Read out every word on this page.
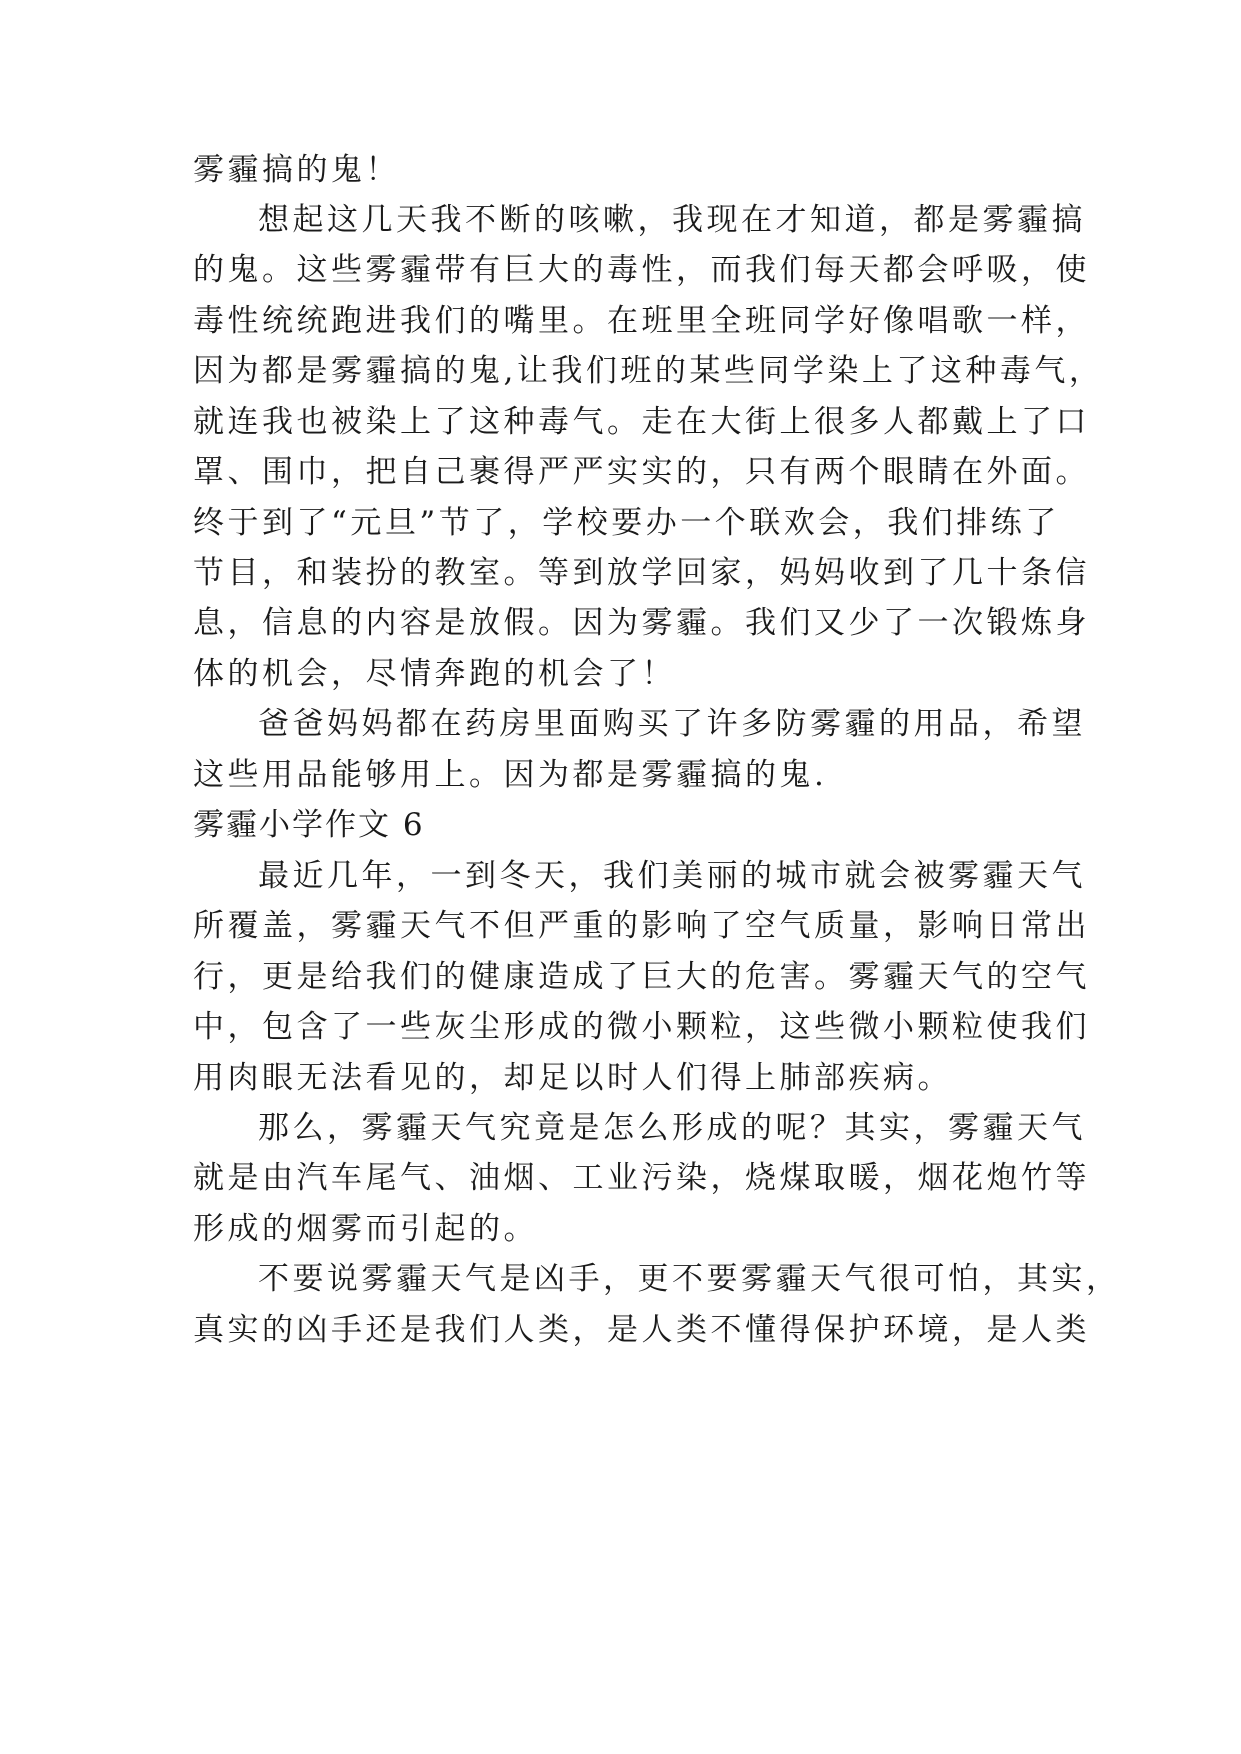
雾霾搞的鬼！
想起这几天我不断的咳嗽，我现在才知道，都是雾霾搞
的鬼。这些雾霾带有巨大的毒性，而我们每天都会呼吸，使
毒性统统跑进我们的嘴里。在班里全班同学好像唱歌一样，
因为都是雾霾搞的鬼,让我们班的某些同学染上了这种毒气，
就连我也被染上了这种毒气。走在大街上很多人都戴上了口
罩、围巾，把自己裹得严严实实的，只有两个眼睛在外面。
终于到了“元旦”节了，学校要办一个联欢会，我们排练了
节目，和装扮的教室。等到放学回家，妈妈收到了几十条信
息，信息的内容是放假。因为雾霾。我们又少了一次锻炼身
体的机会，尽情奔跑的机会了！
爸爸妈妈都在药房里面购买了许多防雾霾的用品，希望
这些用品能够用上。因为都是雾霾搞的鬼.
雾霾小学作文 6
最近几年，一到冬天，我们美丽的城市就会被雾霾天气
所覆盖，雾霾天气不但严重的影响了空气质量，影响日常出
行，更是给我们的健康造成了巨大的危害。雾霾天气的空气
中，包含了一些灰尘形成的微小颗粒，这些微小颗粒使我们
用肉眼无法看见的，却足以时人们得上肺部疾病。
那么，雾霾天气究竟是怎么形成的呢？其实，雾霾天气
就是由汽车尾气、油烟、工业污染，烧煤取暖，烟花炮竹等
形成的烟雾而引起的。
不要说雾霾天气是凶手，更不要雾霾天气很可怕，其实，
真实的凶手还是我们人类，是人类不懂得保护环境，是人类
